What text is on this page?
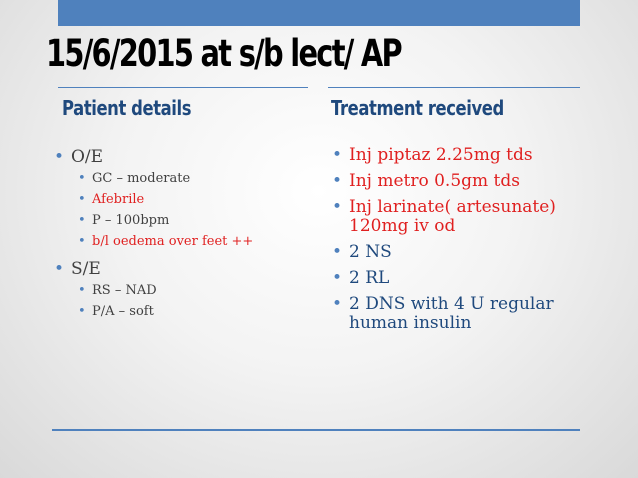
15/6/2015 at s/b lect/ AP
Patient details	Treatment received
• O/E
• GC – moderate
• Afebrile
• P – 100bpm
• b/l oedema over feet ++
• S/E
• RS – NAD
• P/A – soft
• Inj piptaz 2.25mg tds
• Inj metro 0.5gm tds
• Inj larinate( artesunate) 120mg iv od
• 2 NS
• 2 RL
• 2 DNS with 4 U regular human insulin
